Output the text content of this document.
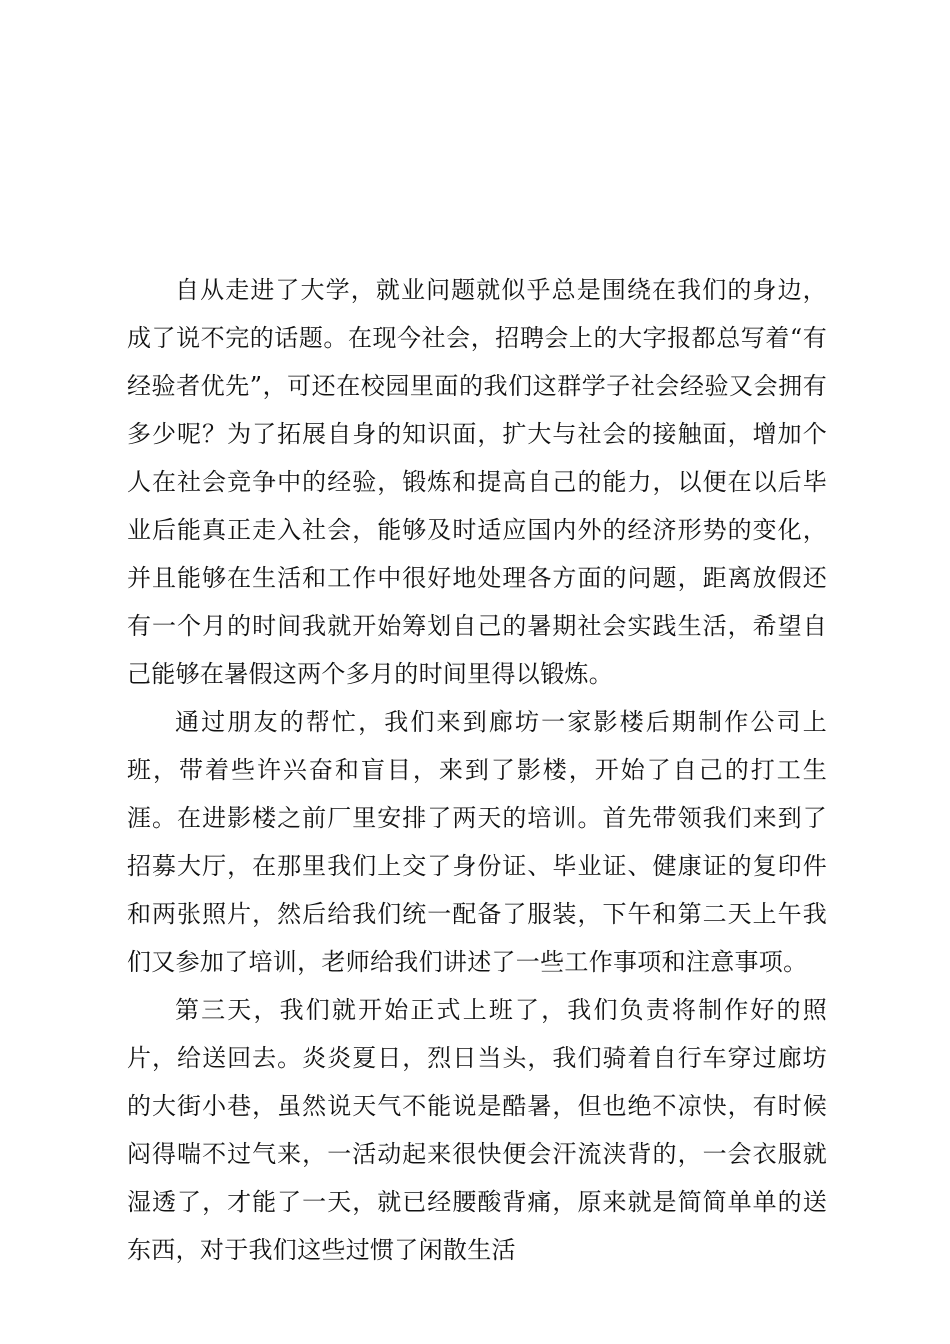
自从走进了大学，就业问题就似乎总是围绕在我们的身边，成了说不完的话题。在现今社会，招聘会上的大字报都总写着“有经验者优先”，可还在校园里面的我们这群学子社会经验又会拥有多少呢？为了拓展自身的知识面，扩大与社会的接触面，增加个人在社会竞争中的经验，锻炼和提高自己的能力，以便在以后毕业后能真正走入社会，能够及时适应国内外的经济形势的变化，并且能够在生活和工作中很好地处理各方面的问题，距离放假还有一个月的时间我就开始筹划自己的暑期社会实践生活，希望自己能够在暑假这两个多月的时间里得以锻炼。

通过朋友的帮忙，我们来到廊坊一家影楼后期制作公司上班，带着些许兴奋和盲目，来到了影楼，开始了自己的打工生涯。在进影楼之前厂里安排了两天的培训。首先带领我们来到了招募大厅，在那里我们上交了身份证、毕业证、健康证的复印件和两张照片，然后给我们统一配备了服装，下午和第二天上午我们又参加了培训，老师给我们讲述了一些工作事项和注意事项。

第三天，我们就开始正式上班了，我们负责将制作好的照片，给送回去。炎炎夏日，烈日当头，我们骑着自行车穿过廊坊的大街小巷，虽然说天气不能说是酷暑，但也绝不凉快，有时候闷得喘不过气来，一活动起来很快便会汗流浃背的，一会衣服就湿透了，才能了一天，就已经腰酸背痛，原来就是简简单单的送东西，对于我们这些过惯了闲散生活
